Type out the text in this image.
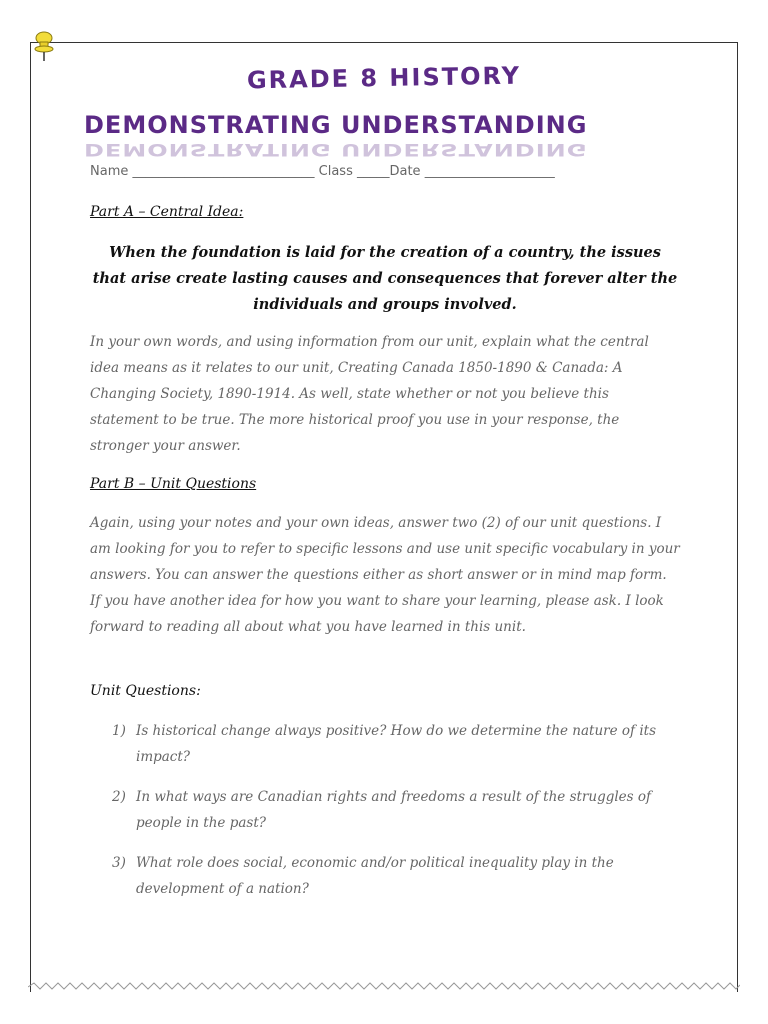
GRADE 8 HISTORY
DEMONSTRATING UNDERSTANDING
DEMONSTRATING UNDERSTANDING
Name ____________________________ Class _____Date ____________________
Part A – Central Idea:
When the foundation is laid for the creation of a country, the issues that arise create lasting causes and consequences that forever alter the individuals and groups involved.
In your own words, and using information from our unit, explain what the central idea means as it relates to our unit, Creating Canada 1850-1890 & Canada: A Changing Society, 1890-1914. As well, state whether or not you believe this statement to be true. The more historical proof you use in your response, the stronger your answer.
Part B – Unit Questions
Again, using your notes and your own ideas, answer two (2) of our unit questions. I am looking for you to refer to specific lessons and use unit specific vocabulary in your answers. You can answer the questions either as short answer or in mind map form. If you have another idea for how you want to share your learning, please ask. I look forward to reading all about what you have learned in this unit.
Unit Questions:
1) Is historical change always positive? How do we determine the nature of its impact?
2) In what ways are Canadian rights and freedoms a result of the struggles of people in the past?
3) What role does social, economic and/or political inequality play in the development of a nation?
